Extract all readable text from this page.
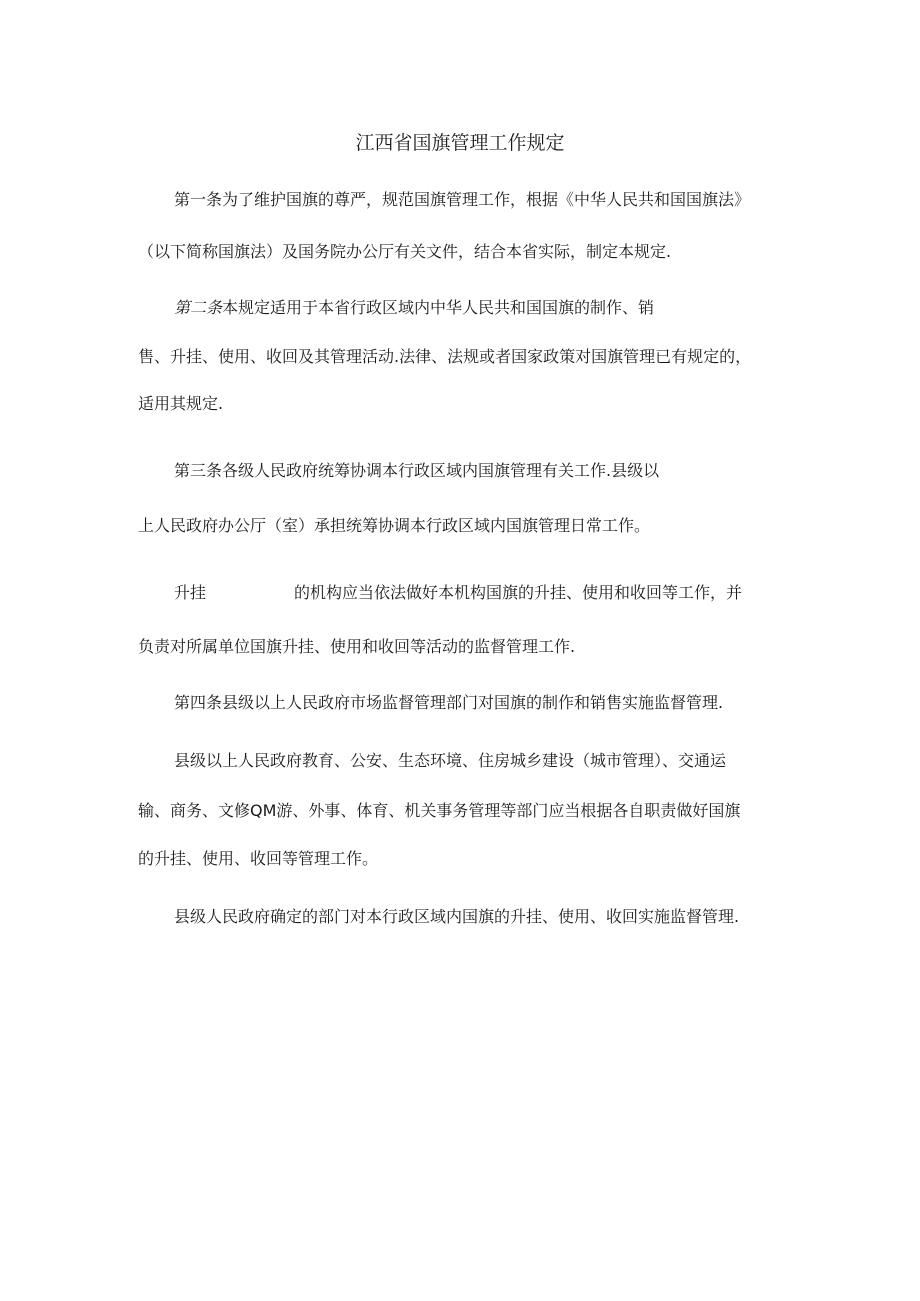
江西省国旗管理工作规定

第一条为了维护国旗的尊严，规范国旗管理工作，根据《中华人民共和国国旗法》

（以下简称国旗法）及国务院办公厅有关文件，结合本省实际，制定本规定.

第二条本规定适用于本省行政区域内中华人民共和国国旗的制作、销

售、升挂、使用、收回及其管理活动.法律、法规或者国家政策对国旗管理已有规定的，

适用其规定.

第三条各级人民政府统筹协调本行政区域内国旗管理有关工作.县级以

上人民政府办公厅（室）承担统筹协调本行政区域内国旗管理日常工作。

升挂	的机构应当依法做好本机构国旗的升挂、使用和收回等工作，并

负责对所属单位国旗升挂、使用和收回等活动的监督管理工作.

第四条县级以上人民政府市场监督管理部门对国旗的制作和销售实施监督管理.

县级以上人民政府教育、公安、生态环境、住房城乡建设（城市管理）、交通运

输、商务、文修QM游、外事、体育、机关事务管理等部门应当根据各自职责做好国旗

的升挂、使用、收回等管理工作。

县级人民政府确定的部门对本行政区域内国旗的升挂、使用、收回实施监督管理.
